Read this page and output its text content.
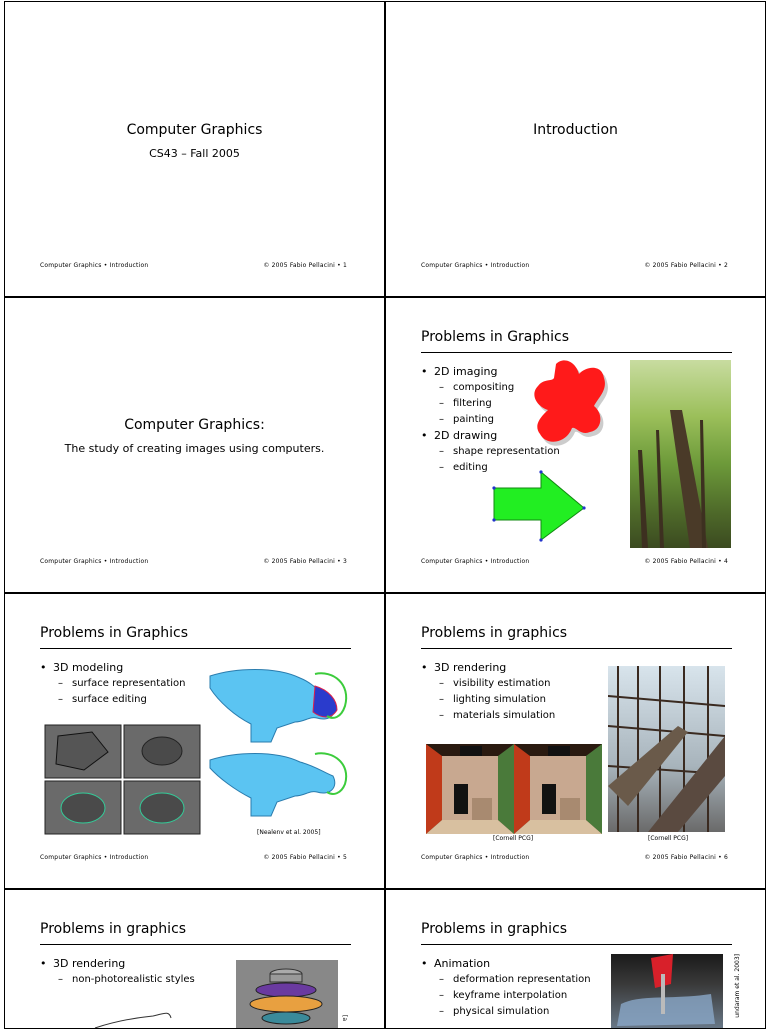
Computer Graphics
CS43 – Fall 2005
Computer Graphics • Introduction	© 2005 Fabio Pellacini • 1
Introduction
Computer Graphics • Introduction	© 2005 Fabio Pellacini • 2
Computer Graphics:
The study of creating images using computers.
Computer Graphics • Introduction	© 2005 Fabio Pellacini • 3
Problems in Graphics
• 2D imaging
– compositing
– filtering
– painting
• 2D drawing
– shape representation
– editing
Computer Graphics • Introduction	© 2005 Fabio Pellacini • 4
Problems in Graphics
• 3D modeling
– surface representation
– surface editing
[Nealenv et al. 2005]
Computer Graphics • Introduction	© 2005 Fabio Pellacini • 5
Problems in graphics
• 3D rendering
– visibility estimation
– lighting simulation
– materials simulation
[Cornell PCG]	[Cornell PCG]
Computer Graphics • Introduction	© 2005 Fabio Pellacini • 6
Problems in graphics
• 3D rendering
– non-photorealistic styles
[a
Problems in graphics
• Animation
– deformation representation
– keyframe interpolation
– physical simulation	undaram et al. 2003]
